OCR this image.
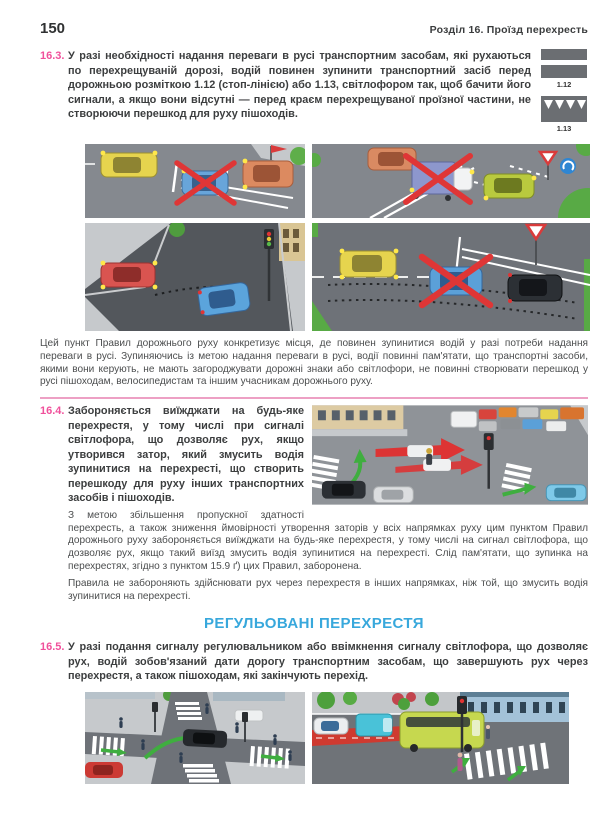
150	Розділ 16. Проїзд перехресть
16.3.
1.12
1.13

У разі необхідності надання переваги в русі транспортним засобам, які рухаються по перехрещуваній дорозі, водій повинен зупинити транспортний засіб перед дорожньою розміткою 1.12 (стоп-лінією) або 1.13, світлофором так, щоб бачити його сигнали, а якщо вони відсутні — перед краєм перехрещуваної проїзної частини, не створюючи перешкод для руху пішоходів.

Цей пункт Правил дорожнього руху конкретизує місця, де повинен зупинитися водій у разі потреби надання переваги в русі. Зупиняючись із метою надання переваги в русі, водії повинні пам'ятати, що транспортні засоби, якими вони керують, не мають загороджувати дорожні знаки або світлофори, не повинні створювати перешкод у русі пішоходам, велосипедистам та іншим учасникам дорожнього руху.

16.4. Забороняється виїжджати на будь-яке перехрестя, у тому числі при сигналі світлофора, що дозволяє рух, якщо утворився затор, який змусить водія зупинитися на перехресті, що створить перешкоду для руху інших транспортних засобів і пішоходів.

З метою збільшення пропускної здатності перехресть, а також зниження ймовірності утворення заторів у всіх напрямках руху цим пунктом Правил дорожнього руху забороняється виїжджати на будь-яке перехрестя, у тому числі на сигнал світлофора, що дозволяє рух, якщо такий виїзд змусить водія зупинитися на перехресті. Слід пам'ятати, що зупинка на перехрестях, згідно з пунктом 15.9 ґ) цих Правил, заборонена.

Правила не забороняють здійснювати рух через перехрестя в інших напрямках, ніж той, що змусить водія зупинитися на перехресті.

РЕГУЛЬОВАНІ ПЕРЕХРЕСТЯ
16.5. У разі подання сигналу регулювальником або ввімкнення сигналу світлофора, що дозволяє рух, водій зобов'язаний дати дорогу транспортним засобам, що завершують рух через перехрестя, а також пішоходам, які закінчують перехід.
